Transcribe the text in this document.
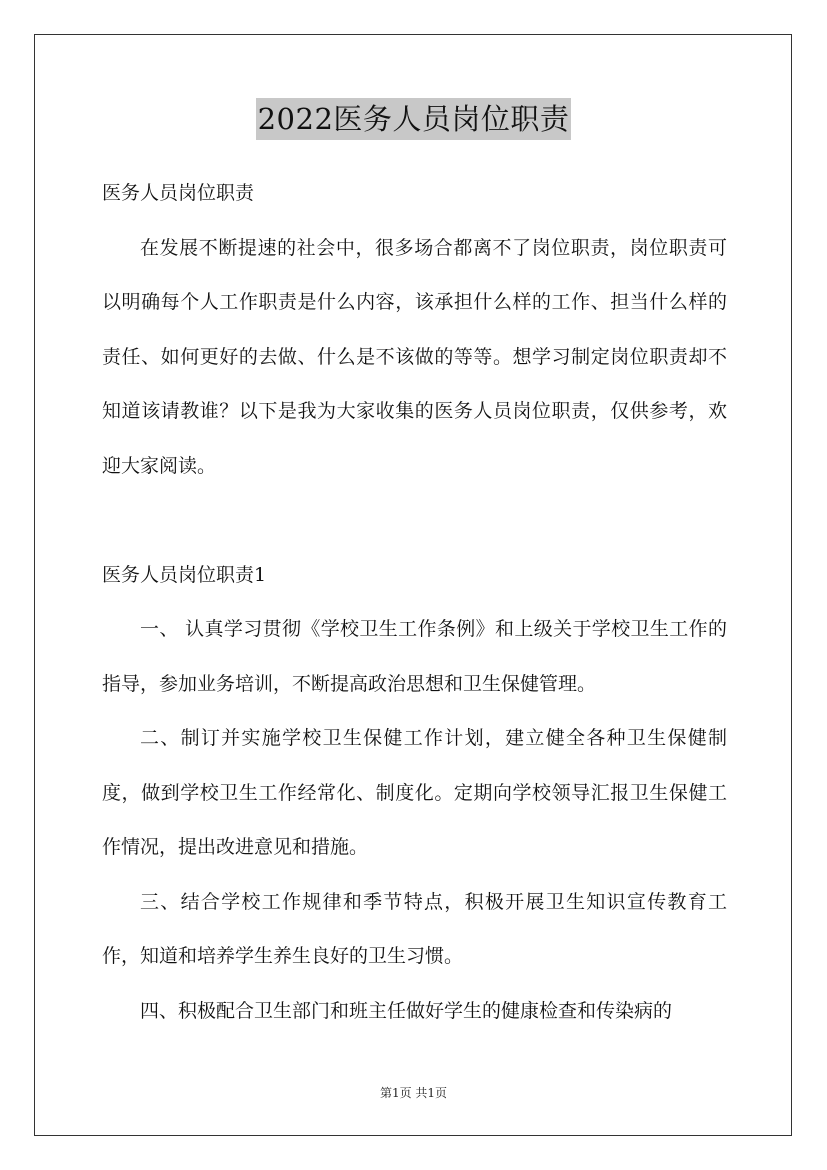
2022医务人员岗位职责

医务人员岗位职责

在发展不断提速的社会中，很多场合都离不了岗位职责，岗位职责可以明确每个人工作职责是什么内容，该承担什么样的工作、担当什么样的责任、如何更好的去做、什么是不该做的等等。想学习制定岗位职责却不知道该请教谁？以下是我为大家收集的医务人员岗位职责，仅供参考，欢迎大家阅读。

医务人员岗位职责1

一、 认真学习贯彻《学校卫生工作条例》和上级关于学校卫生工作的指导，参加业务培训，不断提高政治思想和卫生保健管理。

二、制订并实施学校卫生保健工作计划，建立健全各种卫生保健制度，做到学校卫生工作经常化、制度化。定期向学校领导汇报卫生保健工作情况，提出改进意见和措施。

三、结合学校工作规律和季节特点，积极开展卫生知识宣传教育工作，知道和培养学生养生良好的卫生习惯。

四、积极配合卫生部门和班主任做好学生的健康检查和传染病的

第1页 共1页
